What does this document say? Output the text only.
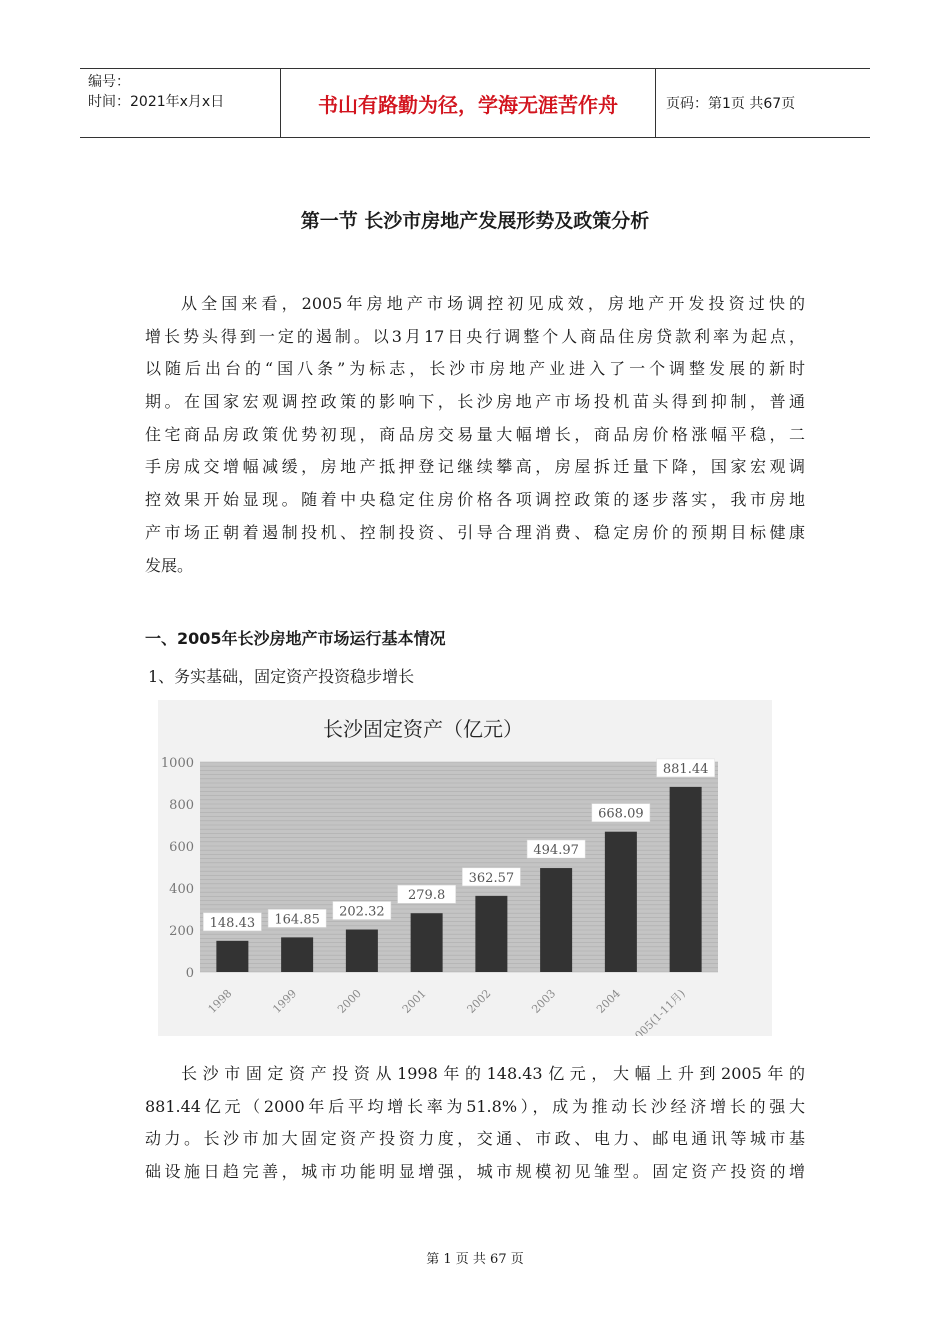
编号：
时间：2021年x月x日	书山有路勤为径，学海无涯苦作舟	页码：第1页 共67页
第一节 长沙市房地产发展形势及政策分析
从全国来看，2005年房地产市场调控初见成效，房地产开发投资过快的
增长势头得到一定的遏制。以3月17日央行调整个人商品住房贷款利率为起点，
以随后出台的“国八条”为标志，长沙市房地产业进入了一个调整发展的新时
期。在国家宏观调控政策的影响下，长沙房地产市场投机苗头得到抑制，普通
住宅商品房政策优势初现，商品房交易量大幅增长，商品房价格涨幅平稳，二
手房成交增幅减缓，房地产抵押登记继续攀高，房屋拆迁量下降，国家宏观调
控效果开始显现。随着中央稳定住房价格各项调控政策的逐步落实，我市房地
产市场正朝着遏制投机、控制投资、引导合理消费、稳定房价的预期目标健康
发展。
一、2005年长沙房地产市场运行基本情况
1、务实基础，固定资产投资稳步增长
长沙固定资产（亿元）
0
200
400
600
800
1000
148.43
1998
164.85
1999
202.32
2000
279.8
2001
362.57
2002
494.97
2003
668.09
2004
881.44
2005(1-11月)
长沙市固定资产投资从1998年的148.43亿元，大幅上升到2005年的
881.44亿元（2000年后平均增长率为51.8%），成为推动长沙经济增长的强大
动力。长沙市加大固定资产投资力度，交通、市政、电力、邮电通讯等城市基
础设施日趋完善，城市功能明显增强，城市规模初见雏型。固定资产投资的增
第 1 页 共 67 页
